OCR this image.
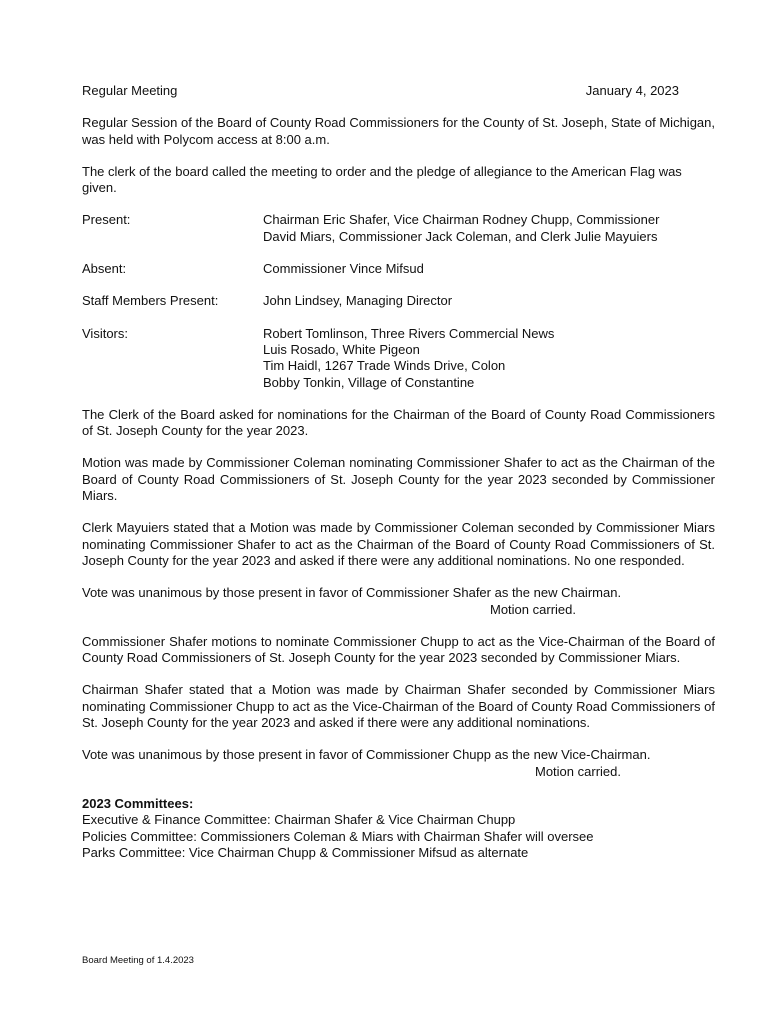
Regular Meeting	January 4, 2023

Regular Session of the Board of County Road Commissioners for the County of St. Joseph, State of Michigan, was held with Polycom access at 8:00 a.m.

The clerk of the board called the meeting to order and the pledge of allegiance to the American Flag was given.

Present:	Chairman Eric Shafer, Vice Chairman Rodney Chupp, Commissioner
David Miars, Commissioner Jack Coleman, and Clerk Julie Mayuiers
Absent:	Commissioner Vince Mifsud
Staff Members Present:	John Lindsey, Managing Director
Visitors:	Robert Tomlinson, Three Rivers Commercial News
Luis Rosado, White Pigeon
Tim Haidl, 1267 Trade Winds Drive, Colon
Bobby Tonkin, Village of Constantine

The Clerk of the Board asked for nominations for the Chairman of the Board of County Road Commissioners of St. Joseph County for the year 2023.

Motion was made by Commissioner Coleman nominating Commissioner Shafer to act as the Chairman of the Board of County Road Commissioners of St. Joseph County for the year 2023 seconded by Commissioner Miars.

Clerk Mayuiers stated that a Motion was made by Commissioner Coleman seconded by Commissioner Miars nominating Commissioner Shafer to act as the Chairman of the Board of County Road Commissioners of St. Joseph County for the year 2023 and asked if there were any additional nominations. No one responded.

Vote was unanimous by those present in favor of Commissioner Shafer as the new Chairman.

Motion carried.

Commissioner Shafer motions to nominate Commissioner Chupp to act as the Vice-Chairman of the Board of County Road Commissioners of St. Joseph County for the year 2023 seconded by Commissioner Miars.

Chairman Shafer stated that a Motion was made by Chairman Shafer seconded by Commissioner Miars nominating Commissioner Chupp to act as the Vice-Chairman of the Board of County Road Commissioners of St. Joseph County for the year 2023 and asked if there were any additional nominations.

Vote was unanimous by those present in favor of Commissioner Chupp as the new Vice-Chairman.

Motion carried.

2023 Committees:
Executive & Finance Committee: Chairman Shafer & Vice Chairman Chupp
Policies Committee: Commissioners Coleman & Miars with Chairman Shafer will oversee
Parks Committee: Vice Chairman Chupp & Commissioner Mifsud as alternate
Board Meeting of 1.4.2023
